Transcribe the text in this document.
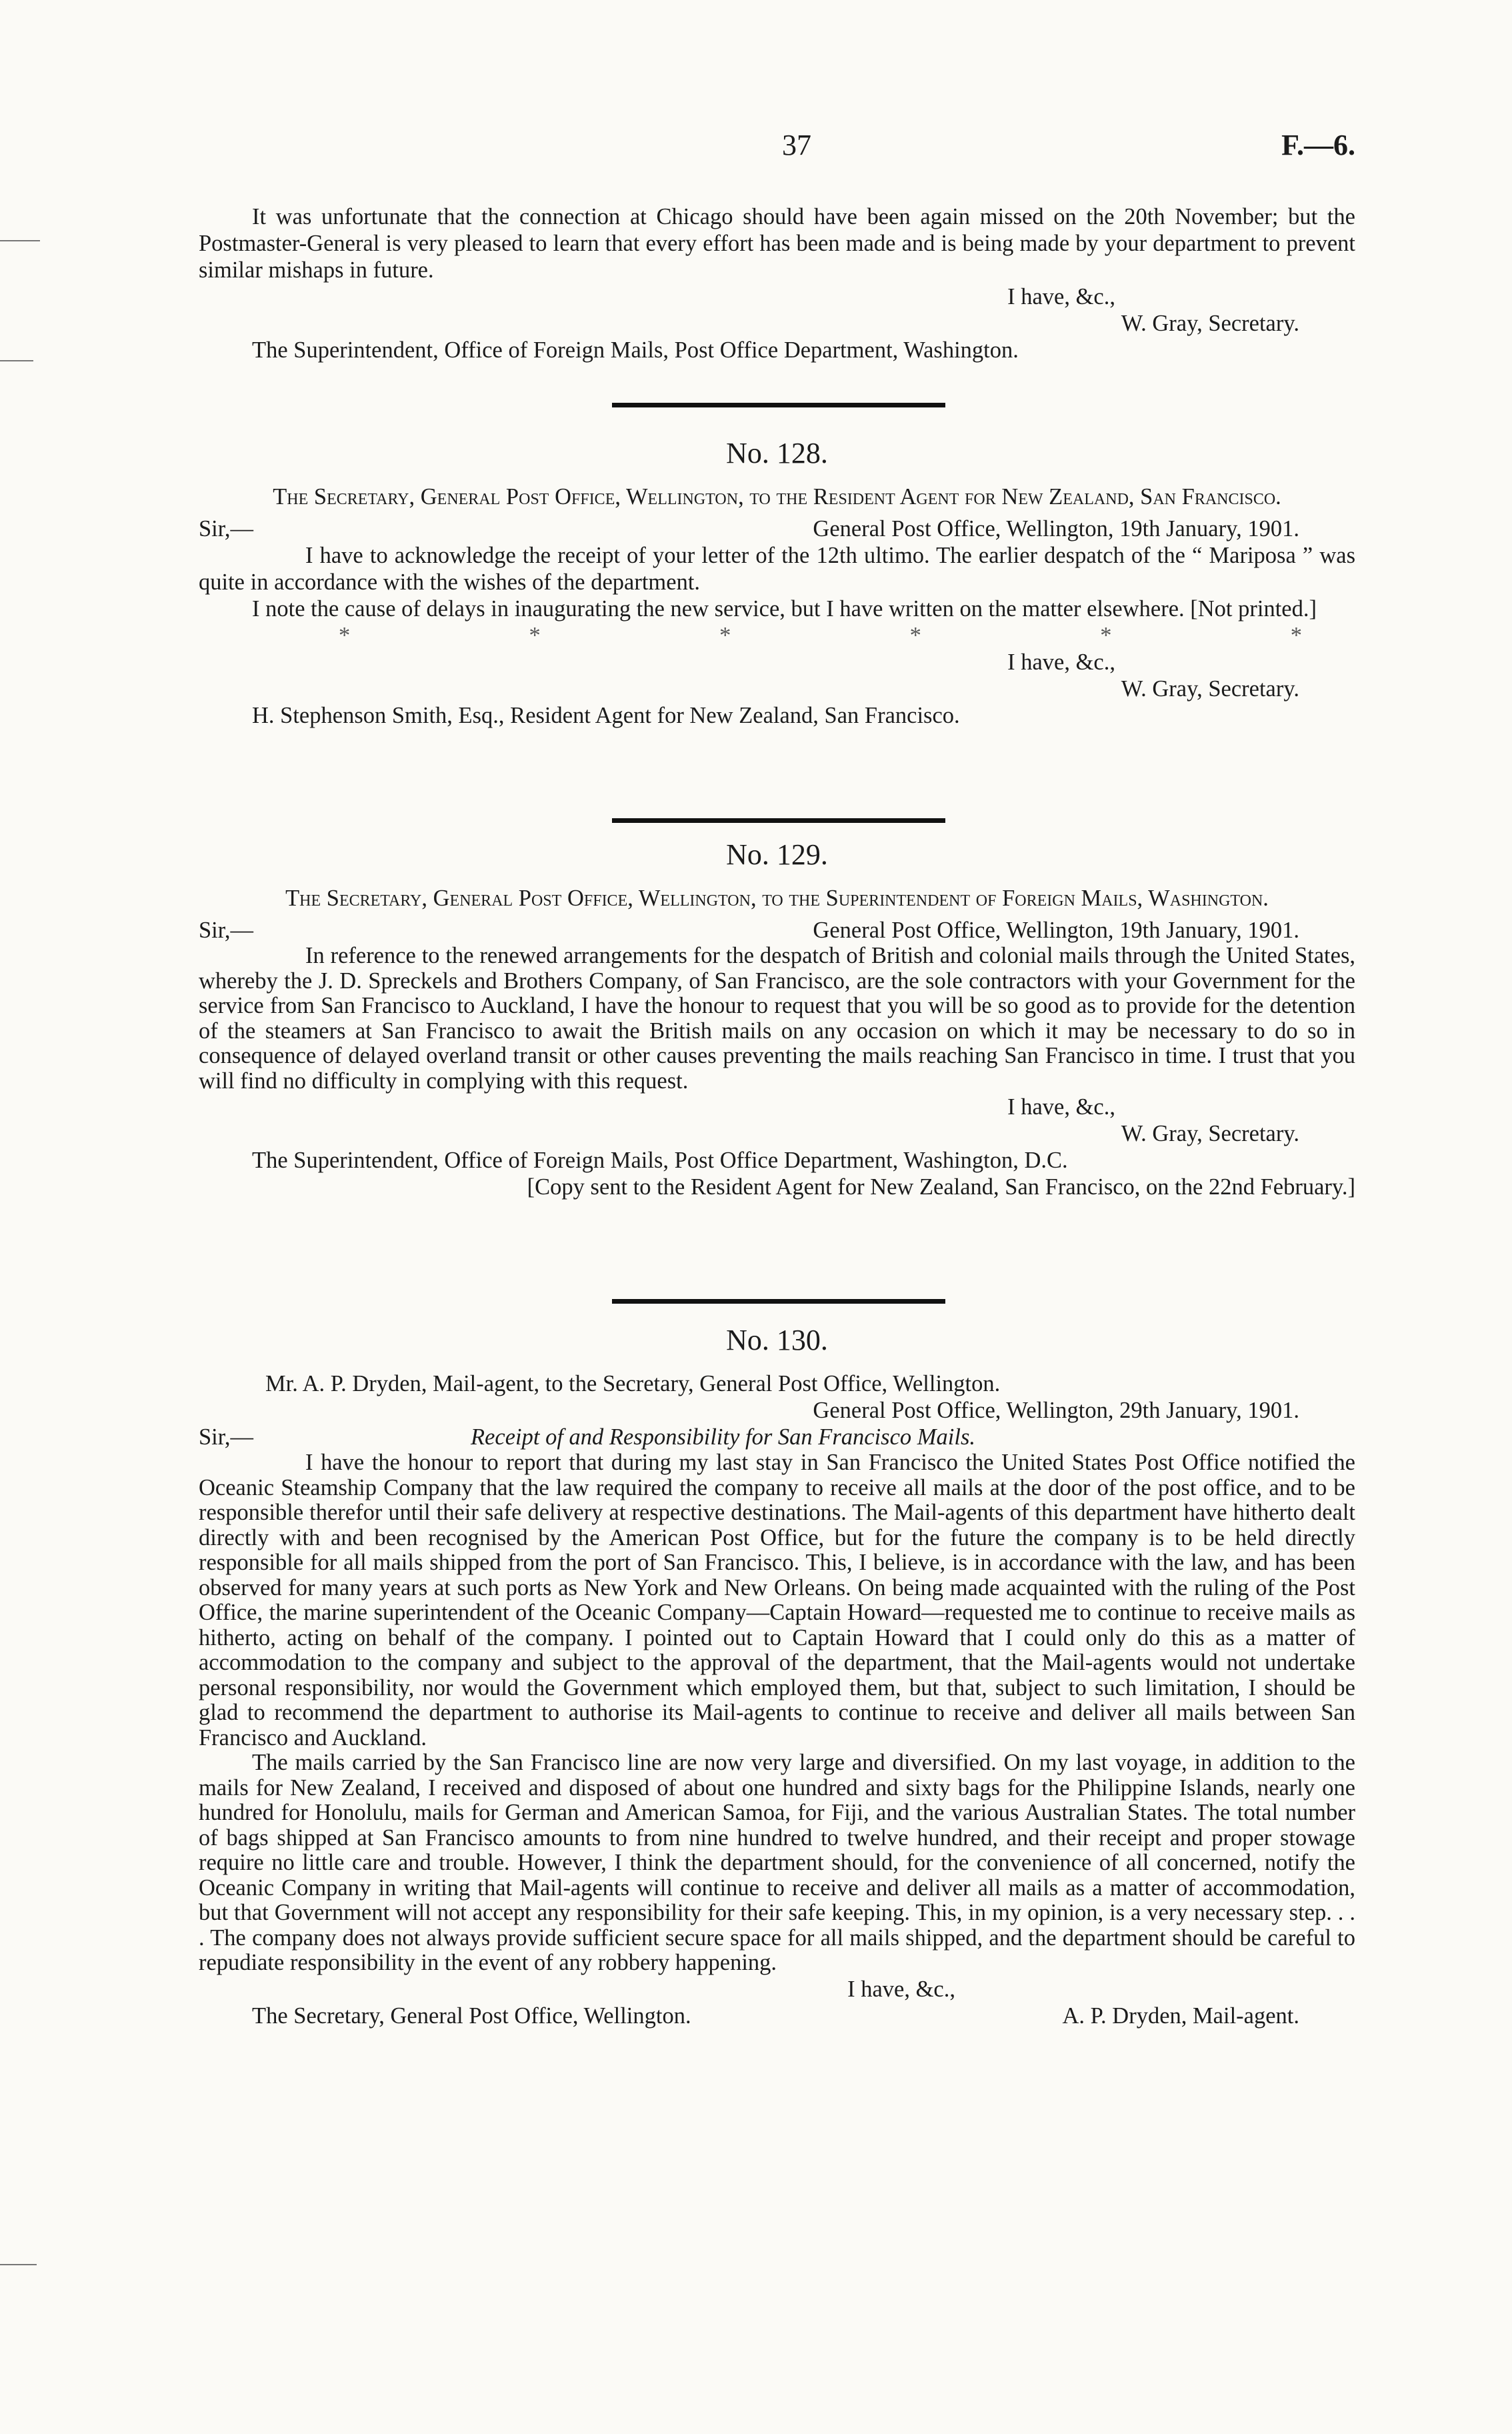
37	F.—6.

It was unfortunate that the connection at Chicago should have been again missed on the 20th November; but the Postmaster-General is very pleased to learn that every effort has been made and is being made by your department to prevent similar mishaps in future.

I have, &c.,
W. Gray, Secretary.
The Superintendent, Office of Foreign Mails, Post Office Department, Washington.
No. 128.
The Secretary, General Post Office, Wellington, to the Resident Agent for New Zealand, San Francisco.
Sir,—	General Post Office, Wellington, 19th January, 1901.

I have to acknowledge the receipt of your letter of the 12th ultimo. The earlier despatch of the “ Mariposa ” was quite in accordance with the wishes of the department.

I note the cause of delays in inaugurating the new service, but I have written on the matter elsewhere. [Not printed.]

*	*	*	*	*	*
I have, &c.,
W. Gray, Secretary.
H. Stephenson Smith, Esq., Resident Agent for New Zealand, San Francisco.
No. 129.
The Secretary, General Post Office, Wellington, to the Superintendent of Foreign Mails, Washington.
Sir,—	General Post Office, Wellington, 19th January, 1901.

In reference to the renewed arrangements for the despatch of British and colonial mails through the United States, whereby the J. D. Spreckels and Brothers Company, of San Francisco, are the sole contractors with your Government for the service from San Francisco to Auckland, I have the honour to request that you will be so good as to provide for the detention of the steamers at San Francisco to await the British mails on any occasion on which it may be necessary to do so in consequence of delayed overland transit or other causes preventing the mails reaching San Francisco in time. I trust that you will find no difficulty in complying with this request.

I have, &c.,
W. Gray, Secretary.
The Superintendent, Office of Foreign Mails, Post Office Department, Washington, D.C.
[Copy sent to the Resident Agent for New Zealand, San Francisco, on the 22nd February.]
No. 130.
Mr. A. P. Dryden, Mail-agent, to the Secretary, General Post Office, Wellington.
General Post Office, Wellington, 29th January, 1901.
Sir,—	Receipt of and Responsibility for San Francisco Mails.

I have the honour to report that during my last stay in San Francisco the United States Post Office notified the Oceanic Steamship Company that the law required the company to receive all mails at the door of the post office, and to be responsible therefor until their safe delivery at respective destinations. The Mail-agents of this department have hitherto dealt directly with and been recognised by the American Post Office, but for the future the company is to be held directly responsible for all mails shipped from the port of San Francisco. This, I believe, is in accordance with the law, and has been observed for many years at such ports as New York and New Orleans. On being made acquainted with the ruling of the Post Office, the marine superintendent of the Oceanic Company—Captain Howard—requested me to continue to receive mails as hitherto, acting on behalf of the company. I pointed out to Captain Howard that I could only do this as a matter of accommodation to the company and subject to the approval of the department, that the Mail-agents would not undertake personal responsibility, nor would the Government which employed them, but that, subject to such limitation, I should be glad to recommend the department to authorise its Mail-agents to continue to receive and deliver all mails between San Francisco and Auckland.

The mails carried by the San Francisco line are now very large and diversified. On my last voyage, in addition to the mails for New Zealand, I received and disposed of about one hundred and sixty bags for the Philippine Islands, nearly one hundred for Honolulu, mails for German and American Samoa, for Fiji, and the various Australian States. The total number of bags shipped at San Francisco amounts to from nine hundred to twelve hundred, and their receipt and proper stowage require no little care and trouble. However, I think the department should, for the convenience of all concerned, notify the Oceanic Company in writing that Mail-agents will continue to receive and deliver all mails as a matter of accommodation, but that Government will not accept any responsibility for their safe keeping. This, in my opinion, is a very necessary step. . . . The company does not always provide sufficient secure space for all mails shipped, and the department should be careful to repudiate responsibility in the event of any robbery happening.

I have, &c.,
The Secretary, General Post Office, Wellington.	A. P. Dryden, Mail-agent.
